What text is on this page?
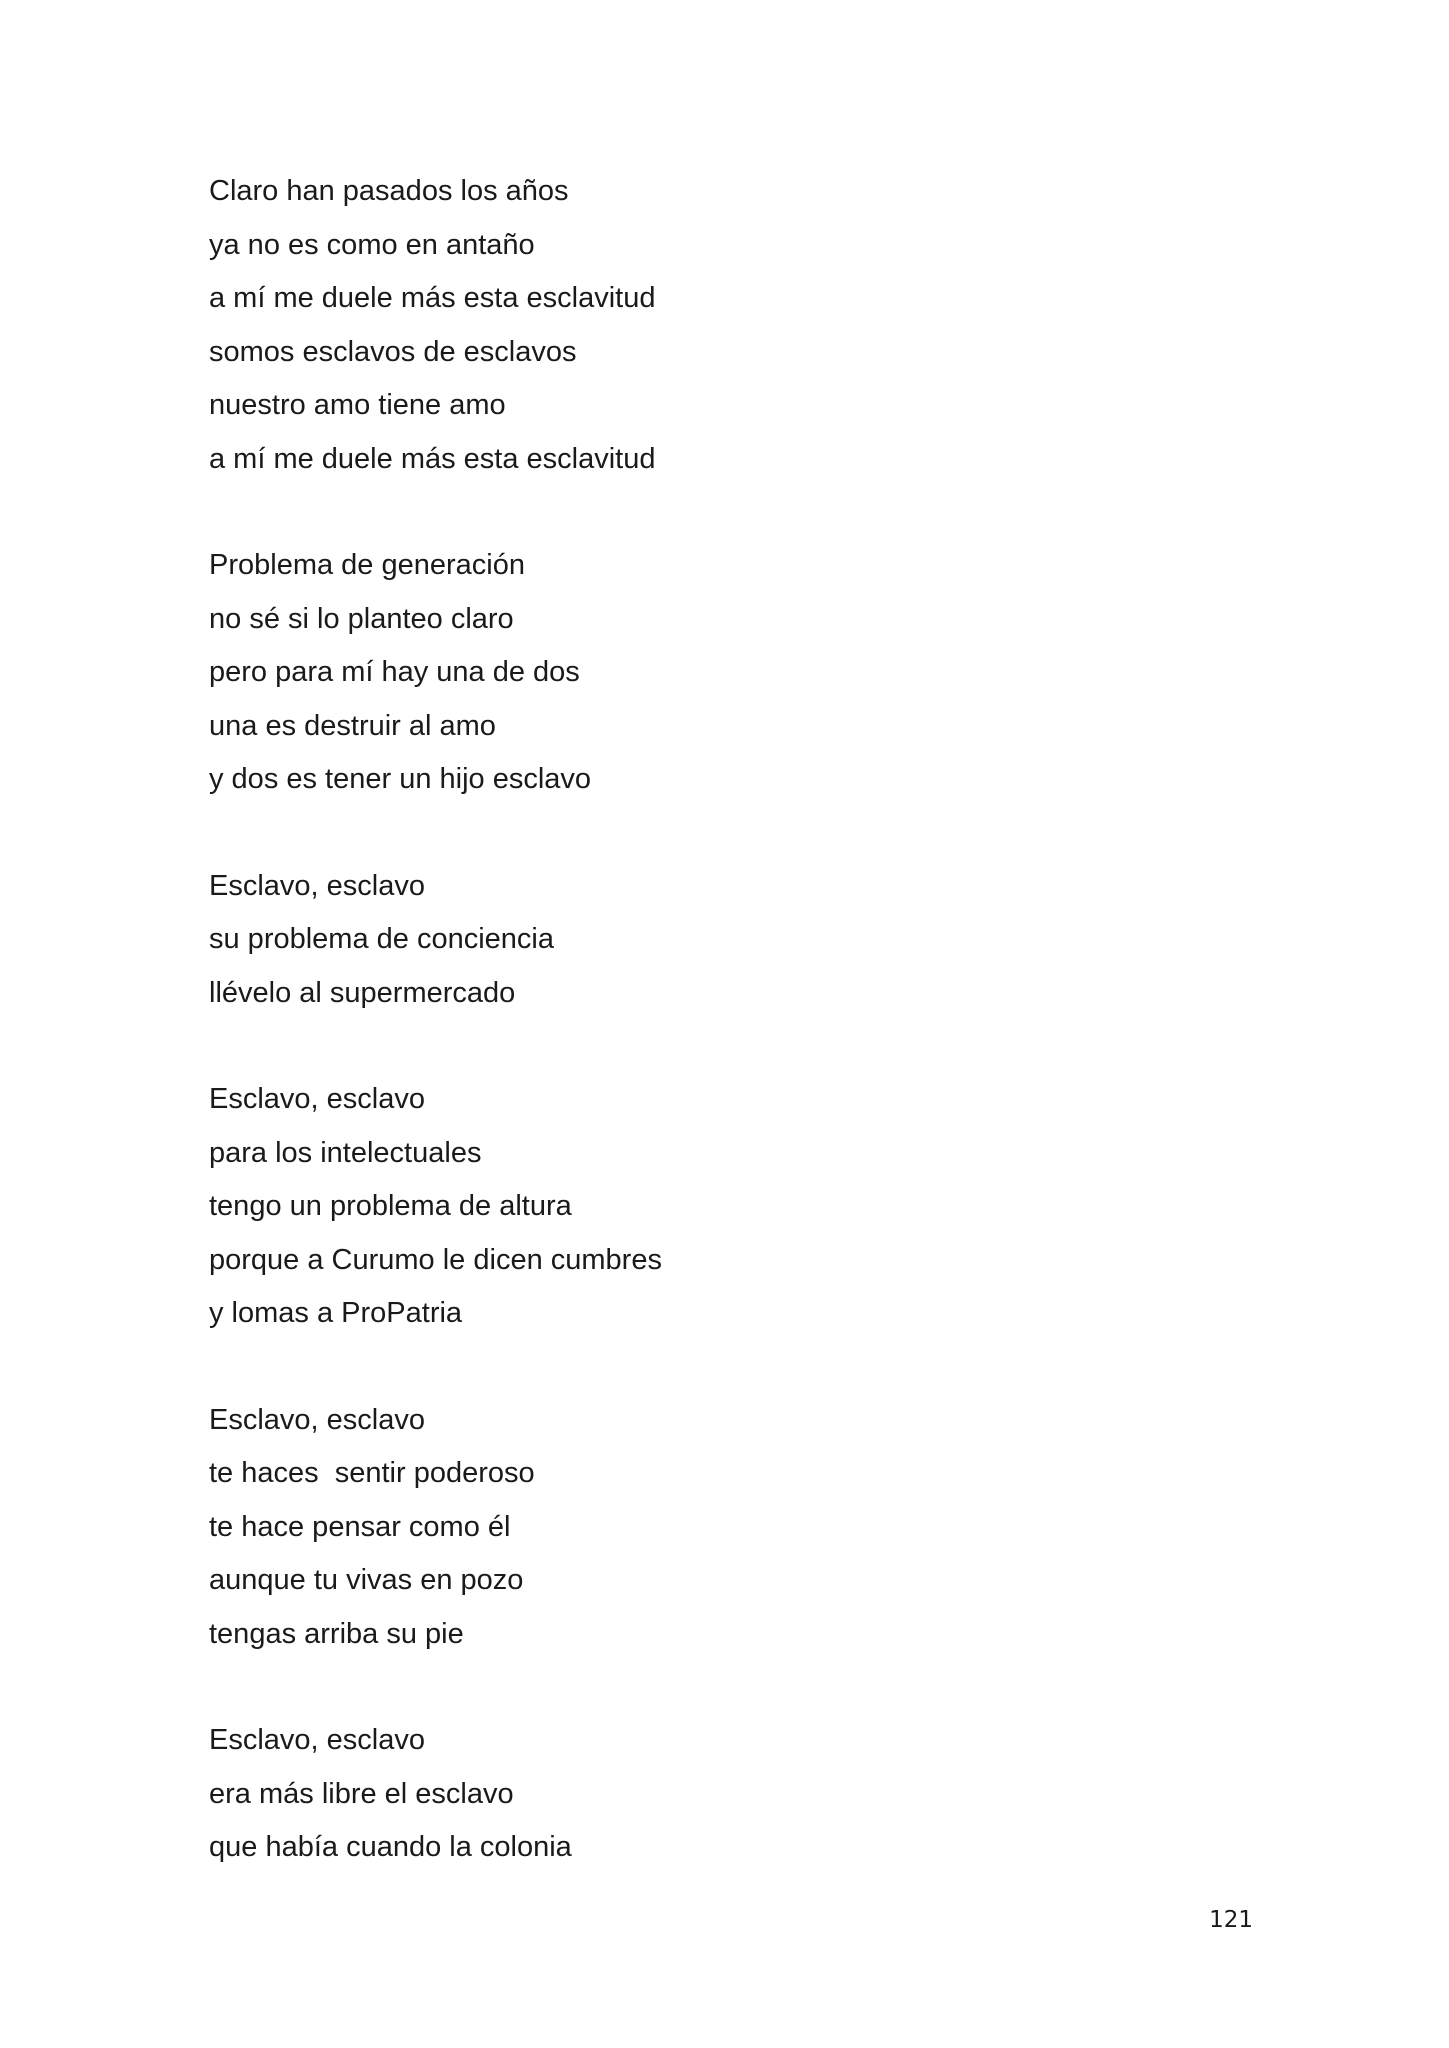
Claro han pasados los años
ya no es como en antaño
a mí me duele más esta esclavitud
somos esclavos de esclavos
nuestro amo tiene amo
a mí me duele más esta esclavitud
Problema de generación
no sé si lo planteo claro
pero para mí hay una de dos
una es destruir al amo
y dos es tener un hijo esclavo
Esclavo, esclavo
su problema de conciencia
llévelo al supermercado
Esclavo, esclavo
para los intelectuales
tengo un problema de altura
porque a Curumo le dicen cumbres
y lomas a ProPatria
Esclavo, esclavo
te haces  sentir poderoso
te hace pensar como él
aunque tu vivas en pozo
tengas arriba su pie
Esclavo, esclavo
era más libre el esclavo
que había cuando la colonia
121
